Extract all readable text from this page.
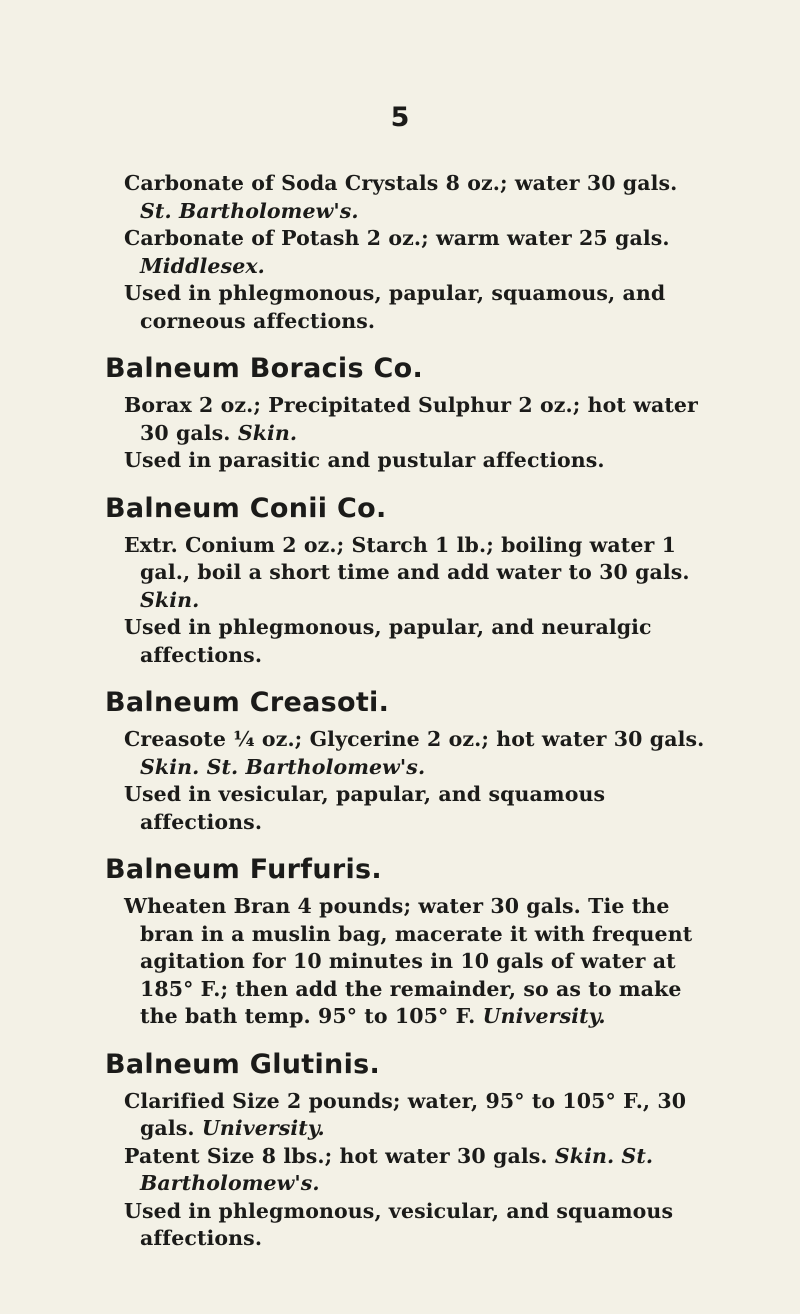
5

Carbonate of Soda Crystals 8 oz.; water 30 gals.
St. Bartholomew's.

Carbonate of Potash 2 oz.; warm water 25 gals.
Middlesex.

Used in phlegmonous, papular, squamous, and corneous affections.

Balneum Boracis Co.

Borax 2 oz.; Precipitated Sulphur 2 oz.; hot water 30 gals. Skin.

Used in parasitic and pustular affections.

Balneum Conii Co.

Extr. Conium 2 oz.; Starch 1 lb.; boiling water 1 gal., boil a short time and add water to 30 gals. Skin.

Used in phlegmonous, papular, and neuralgic affections.

Balneum Creasoti.

Creasote ¼ oz.; Glycerine 2 oz.; hot water 30 gals.
Skin. St. Bartholomew's.

Used in vesicular, papular, and squamous affections.

Balneum Furfuris.

Wheaten Bran 4 pounds; water 30 gals. Tie the bran in a muslin bag, macerate it with frequent agitation for 10 minutes in 10 gals of water at 185° F.; then add the remainder, so as to make the bath temp. 95° to 105° F. University.

Balneum Glutinis.

Clarified Size 2 pounds; water, 95° to 105° F., 30 gals. University.

Patent Size 8 lbs.; hot water 30 gals. Skin. St. Bartholomew's.

Used in phlegmonous, vesicular, and squamous affections.
